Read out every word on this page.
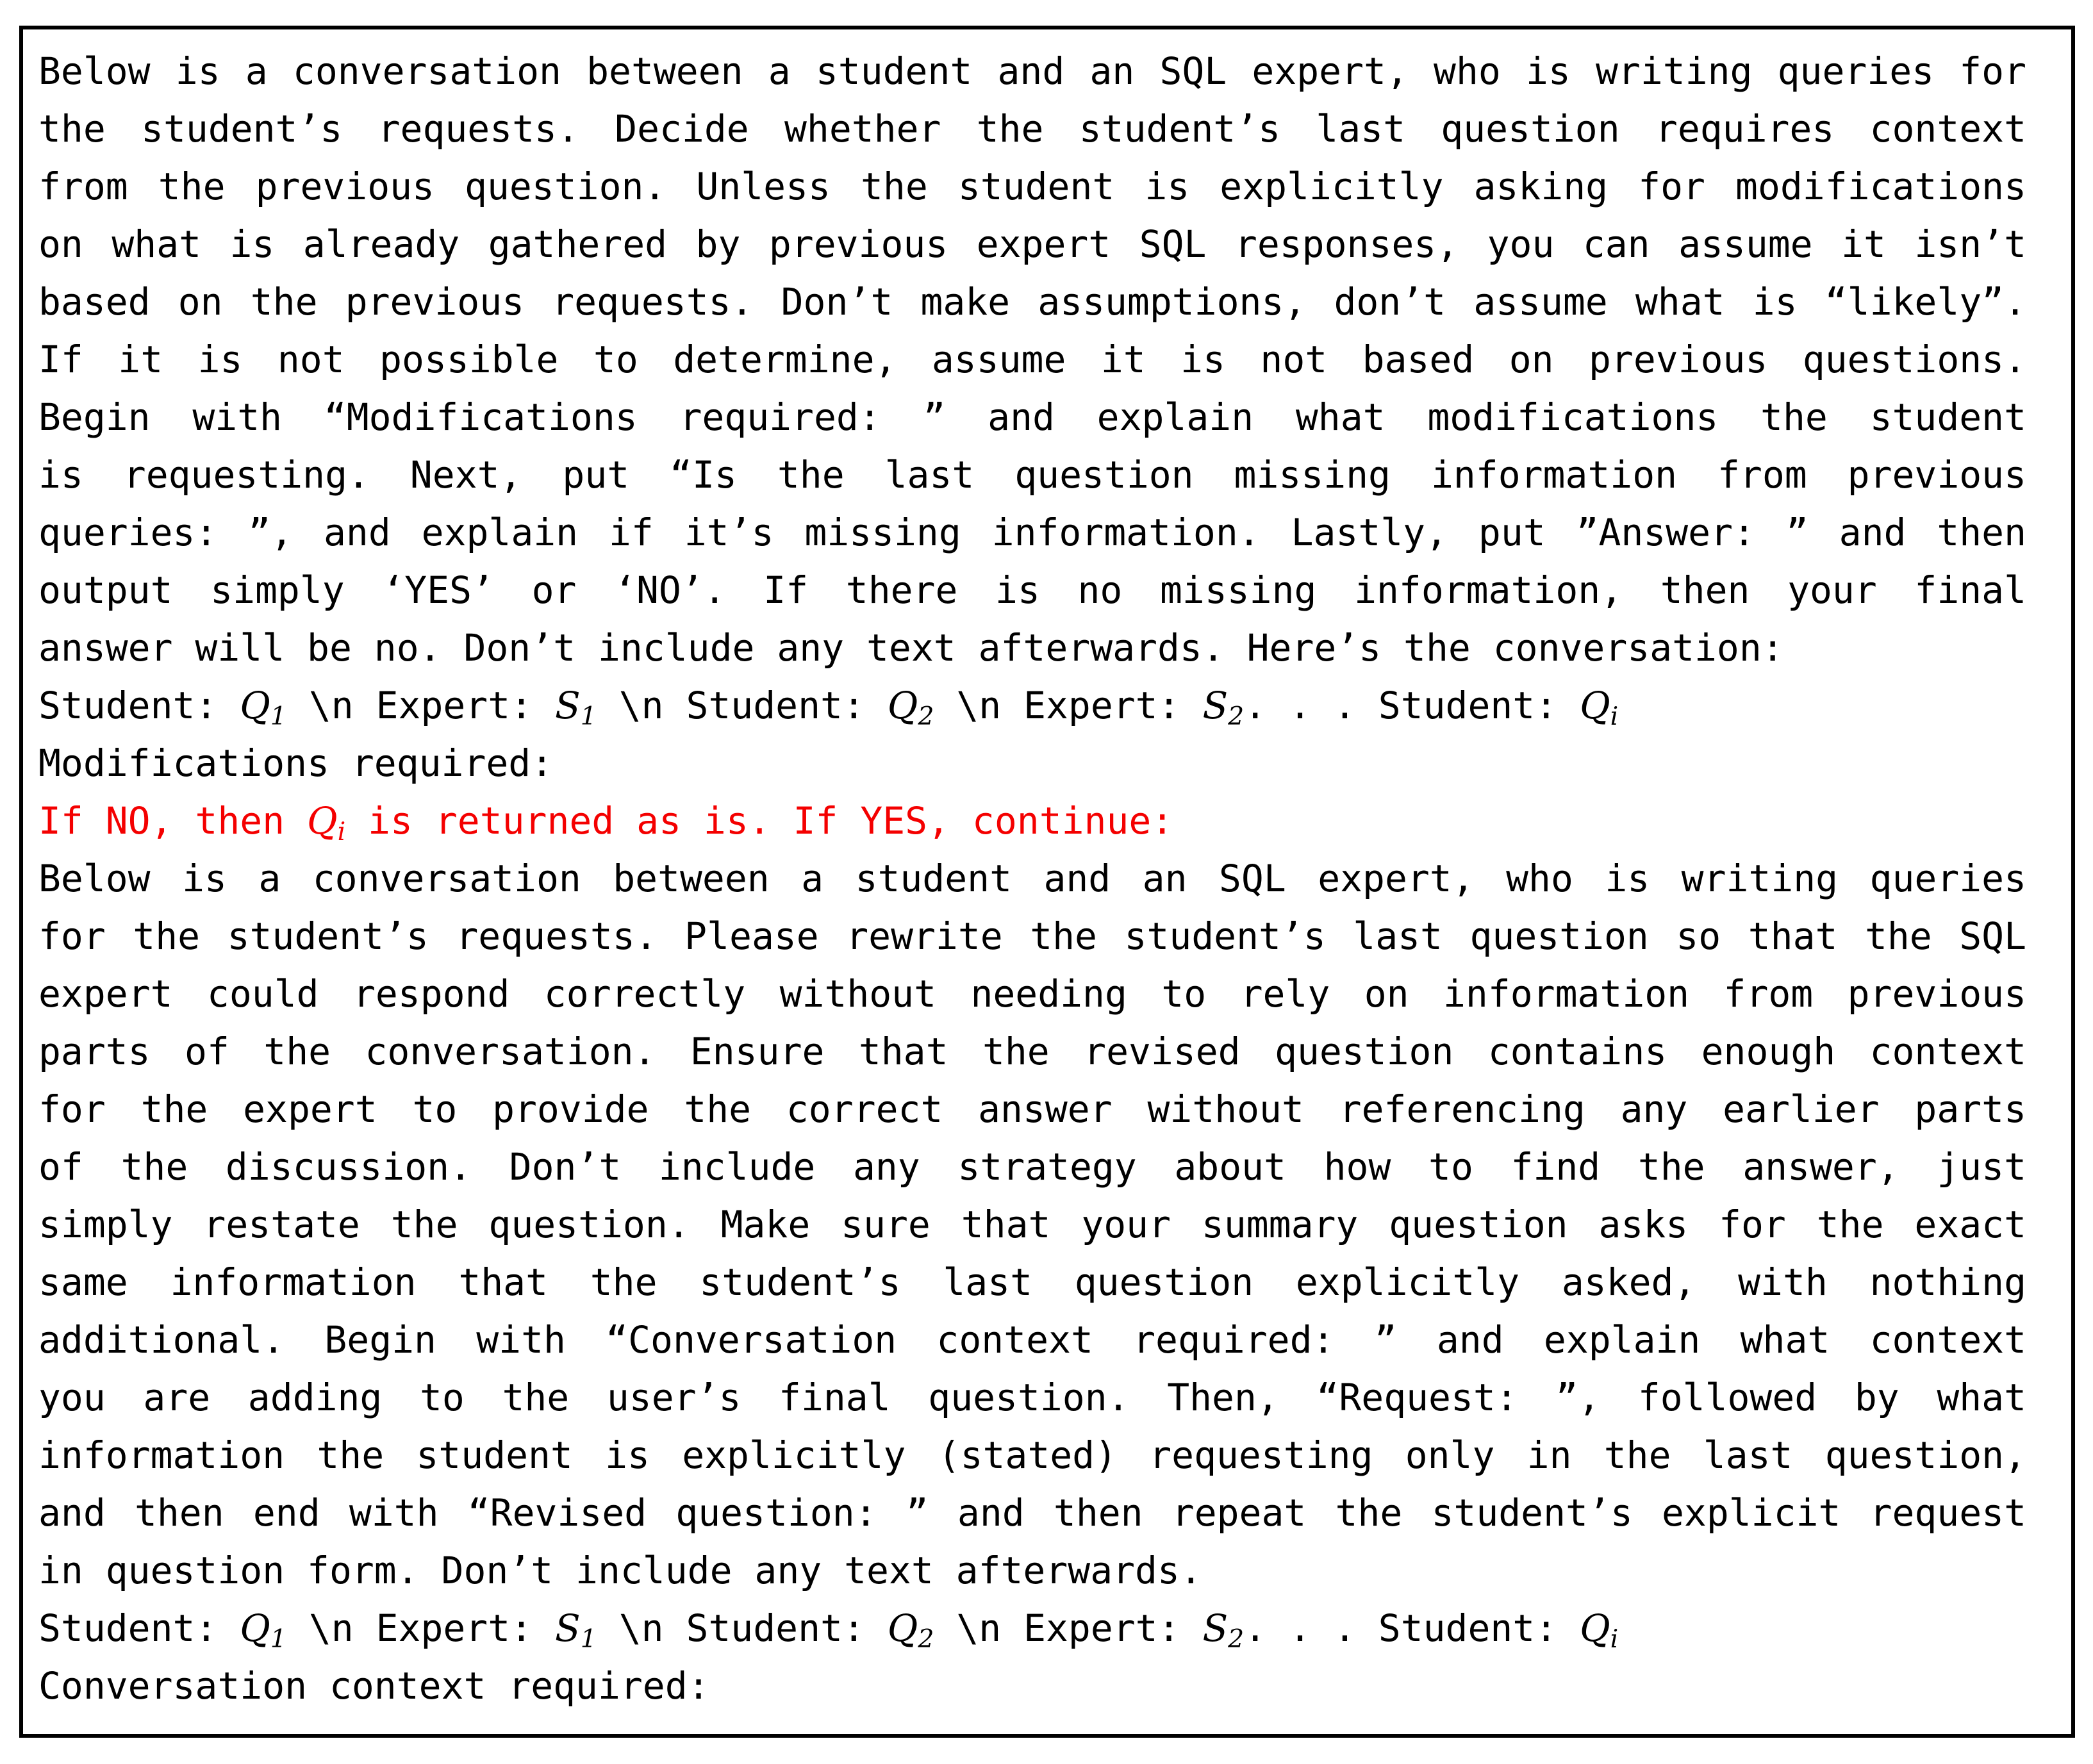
Below is a conversation between a student and an SQL expert, who is writing queries for
the student’s requests. Decide whether the student’s last question requires context
from the previous question. Unless the student is explicitly asking for modifications
on what is already gathered by previous expert SQL responses, you can assume it isn’t
based on the previous requests. Don’t make assumptions, don’t assume what is “likely”.
If it is not possible to determine, assume it is not based on previous questions.
Begin with “Modifications required: ” and explain what modifications the student
is requesting. Next, put “Is the last question missing information from previous
queries: ”, and explain if it’s missing information. Lastly, put ”Answer: ” and then
output simply ‘YES’ or ‘NO’. If there is no missing information, then your final
answer will be no. Don’t include any text afterwards. Here’s the conversation:
Student: $Q_1$ \n Expert: $S_1$ \n Student: $Q_2$ \n Expert: $S_2$. . . Student: $Q_i$
Modifications required:
If NO, then $Q_i$ is returned as is. If YES, continue:
Below is a conversation between a student and an SQL expert, who is writing queries
for the student’s requests. Please rewrite the student’s last question so that the SQL
expert could respond correctly without needing to rely on information from previous
parts of the conversation. Ensure that the revised question contains enough context
for the expert to provide the correct answer without referencing any earlier parts
of the discussion. Don’t include any strategy about how to find the answer, just
simply restate the question. Make sure that your summary question asks for the exact
same information that the student’s last question explicitly asked, with nothing
additional. Begin with “Conversation context required: ” and explain what context
you are adding to the user’s final question. Then, “Request: ”, followed by what
information the student is explicitly (stated) requesting only in the last question,
and then end with “Revised question: ” and then repeat the student’s explicit request
in question form. Don’t include any text afterwards.
Student: $Q_1$ \n Expert: $S_1$ \n Student: $Q_2$ \n Expert: $S_2$. . . Student: $Q_i$
Conversation context required:
